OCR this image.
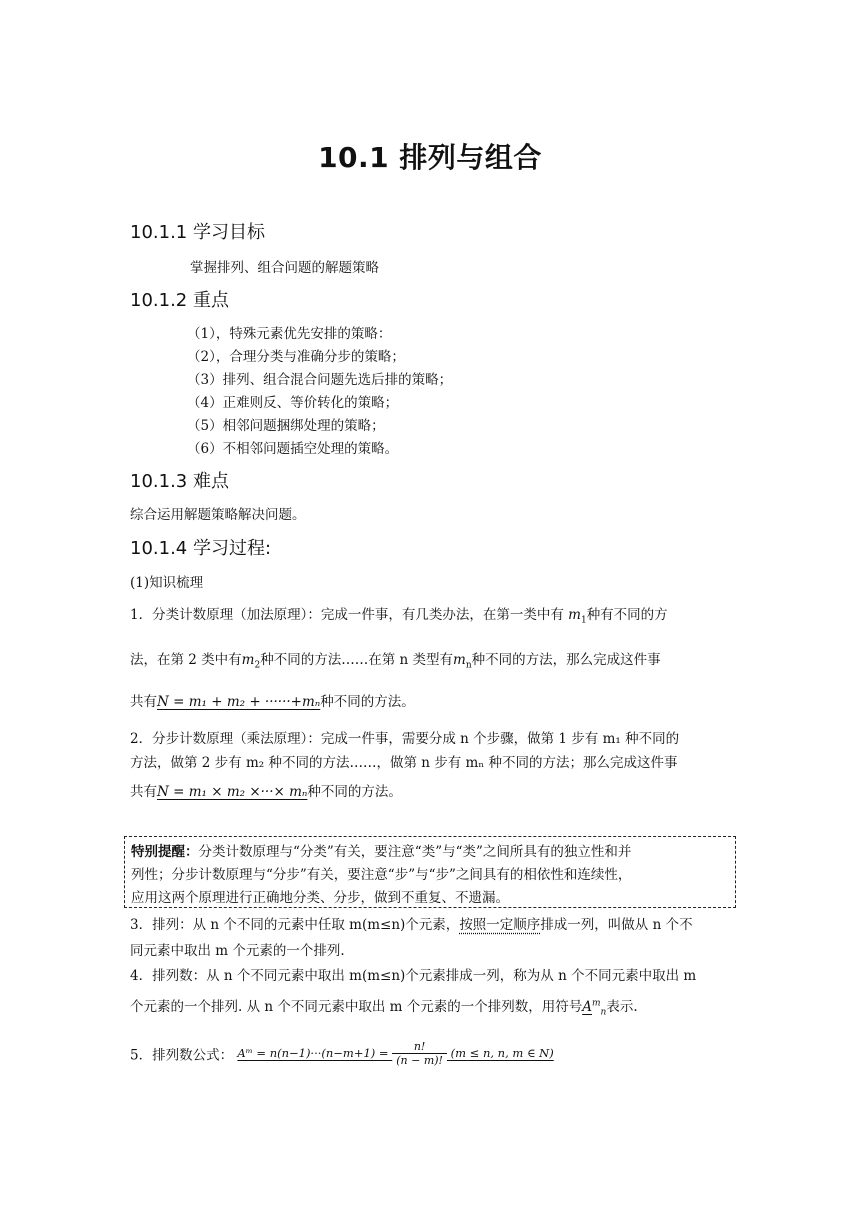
10.1 排列与组合
10.1.1 学习目标
掌握排列、组合问题的解题策略
10.1.2 重点
（1），特殊元素优先安排的策略：
（2），合理分类与准确分步的策略；
（3）排列、组合混合问题先选后排的策略；
（4）正难则反、等价转化的策略；
（5）相邻问题捆绑处理的策略；
（6）不相邻问题插空处理的策略。
10.1.3 难点
综合运用解题策略解决问题。
10.1.4 学习过程:
(1)知识梳理
1．分类计数原理（加法原理）：完成一件事，有几类办法，在第一类中有 $m_1$种有不同的方
法，在第 2 类中有$m_2$种不同的方法……在第 n 类型有$m_n$种不同的方法，那么完成这件事
共有N = m₁ + m₂ + ······+mₙ种不同的方法。
2．分步计数原理（乘法原理）：完成一件事，需要分成 n 个步骤，做第 1 步有 m₁ 种不同的
方法，做第 2 步有 m₂ 种不同的方法……，做第 n 步有 mₙ 种不同的方法；那么完成这件事
共有N = m₁ × m₂ ×···× mₙ种不同的方法。
特别提醒：分类计数原理与“分类”有关，要注意“类”与“类”之间所具有的独立性和并
列性；分步计数原理与“分步”有关，要注意“步”与“步”之间具有的相依性和连续性，
应用这两个原理进行正确地分类、分步，做到不重复、不遗漏。
3．排列：从 n 个不同的元素中任取 m(m≤n)个元素，按照一定顺序排成一列，叫做从 n 个不
同元素中取出 m 个元素的一个排列.
4．排列数：从 n 个不同元素中取出 m(m≤n)个元素排成一列，称为从 n 个不同元素中取出 m
个元素的一个排列. 从 n 个不同元素中取出 m 个元素的一个排列数，用符号$A^m_n$表示.
5．排列数公式： Aᵐ = $n(n-1)\cdot\cdot\cdot(n-m+1) = \frac{n!}{(n - m)!} (m \le n$, n, m ∈ N)
